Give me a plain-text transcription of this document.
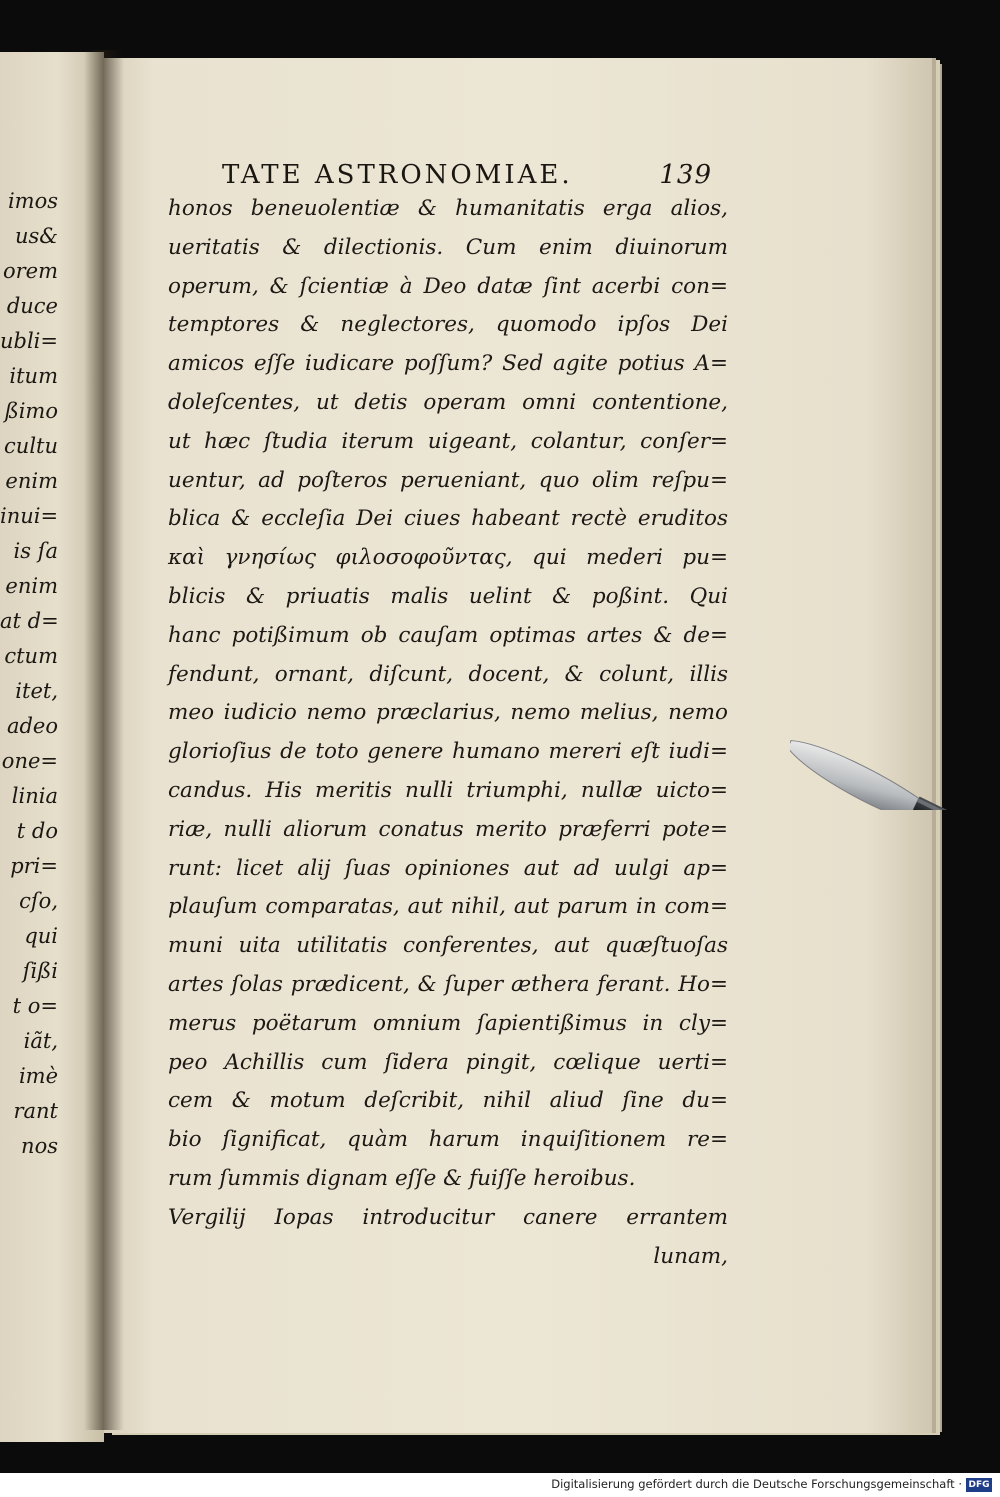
imos
us&
orem
duce
ubli=
itum
ßimo
cultu
enim
inui=
is ſa
enim
at d=
ctum
itet,
adeo
one=
linia
t do
pri=
cſo,
qui
ſißi
t o=
iãt,
imè
rant
nos
TATE ASTRONOMIAE.	139
honos beneuolentiæ & humanitatis erga alios,
ueritatis & dilectionis. Cum enim diuinorum
operum, & ſcientiæ à Deo datæ ſint acerbi con=
temptores & neglectores, quomodo ipſos Dei
amicos eſſe iudicare poſſum? Sed agite potius A=
doleſcentes, ut detis operam omni contentione,
ut hæc ſtudia iterum uigeant, colantur, conſer=
uentur, ad poſteros perueniant, quo olim reſpu=
blica & eccleſia Dei ciues habeant rectè eruditos
καὶ γνησίως φιλοσοφοῦντας, qui mederi pu=
blicis & priuatis malis uelint & poßint. Qui
hanc potißimum ob cauſam optimas artes & de=
fendunt, ornant, diſcunt, docent, & colunt, illis
meo iudicio nemo præclarius, nemo melius, nemo
glorioſius de toto genere humano mereri eſt iudi=
candus. His meritis nulli triumphi, nullæ uicto=
riæ, nulli aliorum conatus merito præferri pote=
runt: licet alij ſuas opiniones aut ad uulgi ap=
plauſum comparatas, aut nihil, aut parum in com=
muni uita utilitatis conferentes, aut quæſtuoſas
artes ſolas prædicent, & ſuper æthera ferant. Ho=
merus poëtarum omnium ſapientißimus in cly=
peo Achillis cum ſidera pingit, cœlique uerti=
cem & motum deſcribit, nihil aliud ſine du=
bio ſignificat, quàm harum inquiſitionem re=
rum ſummis dignam eſſe & fuiſſe heroibus.
Vergilij Iopas introducitur canere errantem
lunam,
Digitalisierung gefördert durch die Deutsche Forschungsgemeinschaft · DFG
